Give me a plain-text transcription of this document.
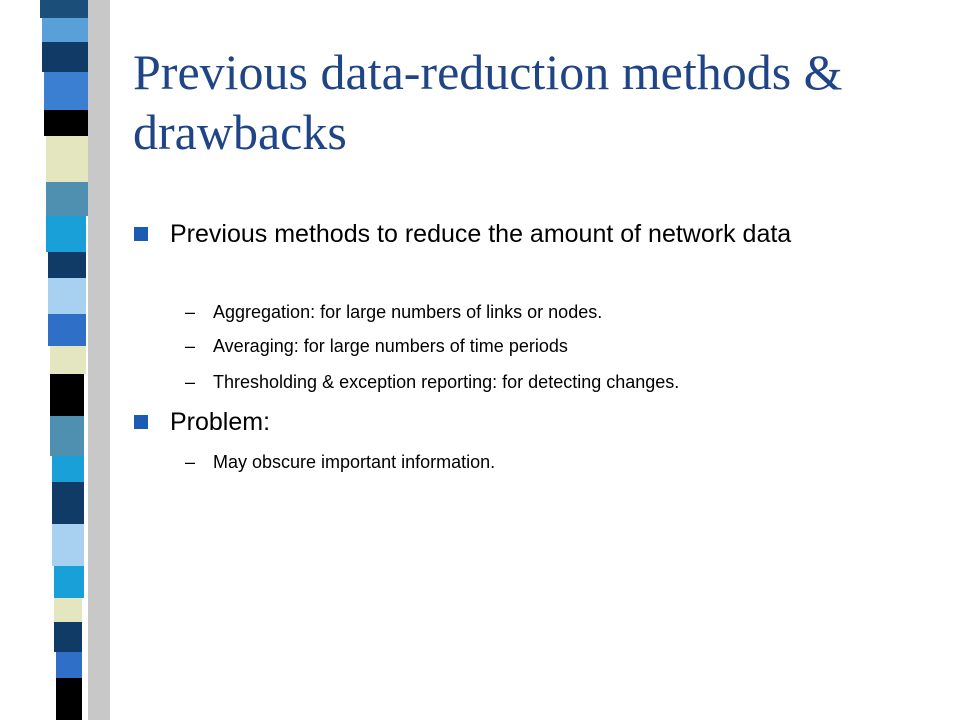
Previous data-reduction methods & drawbacks
Previous methods to reduce the amount of network data
– Aggregation: for large numbers of links or nodes.
– Averaging: for large numbers of time periods
– Thresholding & exception reporting: for detecting changes.
Problem:
– May obscure important information.
